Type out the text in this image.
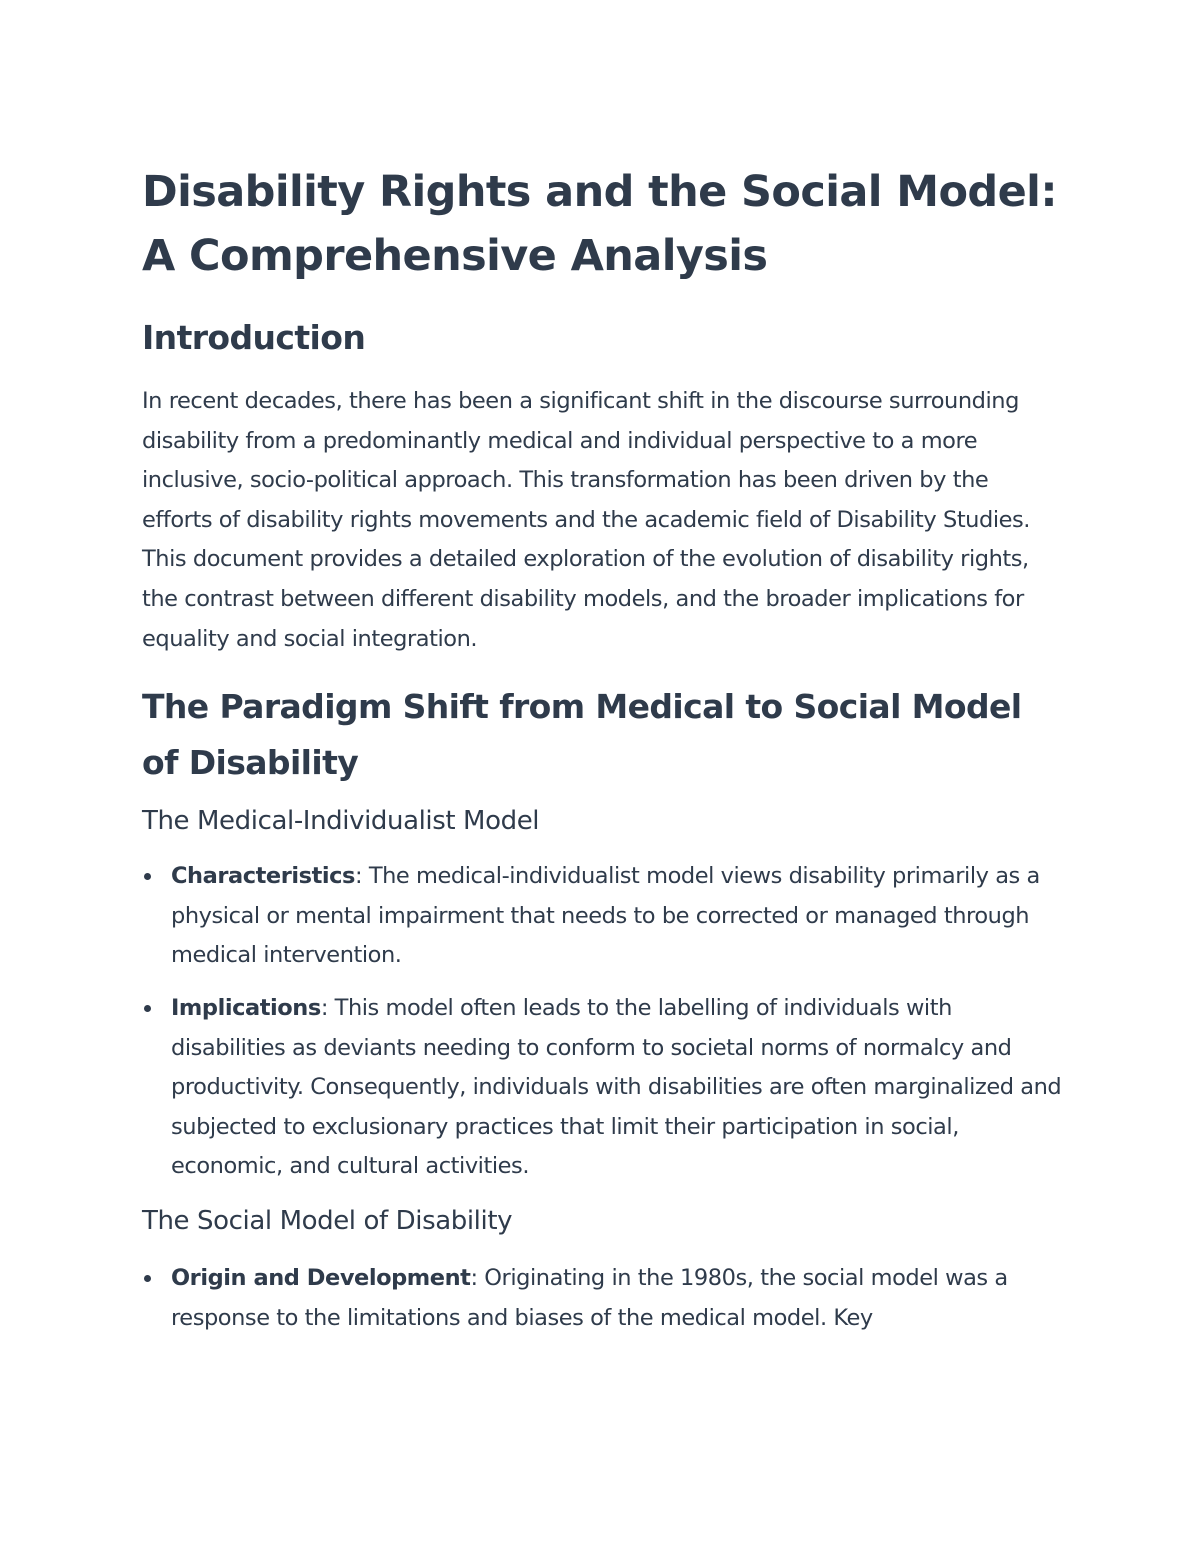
Disability Rights and the Social Model:
A Comprehensive Analysis
Introduction

In recent decades, there has been a significant shift in the discourse surrounding disability from a predominantly medical and individual perspective to a more inclusive, socio-political approach. This transformation has been driven by the efforts of disability rights movements and the academic field of Disability Studies. This document provides a detailed exploration of the evolution of disability rights, the contrast between different disability models, and the broader implications for equality and social integration.

The Paradigm Shift from Medical to Social Model of Disability
The Medical-Individualist Model
Characteristics: The medical-individualist model views disability primarily as a physical or mental impairment that needs to be corrected or managed through medical intervention.
Implications: This model often leads to the labelling of individuals with disabilities as deviants needing to conform to societal norms of normalcy and productivity. Consequently, individuals with disabilities are often marginalized and subjected to exclusionary practices that limit their participation in social, economic, and cultural activities.
The Social Model of Disability
Origin and Development: Originating in the 1980s, the social model was a response to the limitations and biases of the medical model. Key
